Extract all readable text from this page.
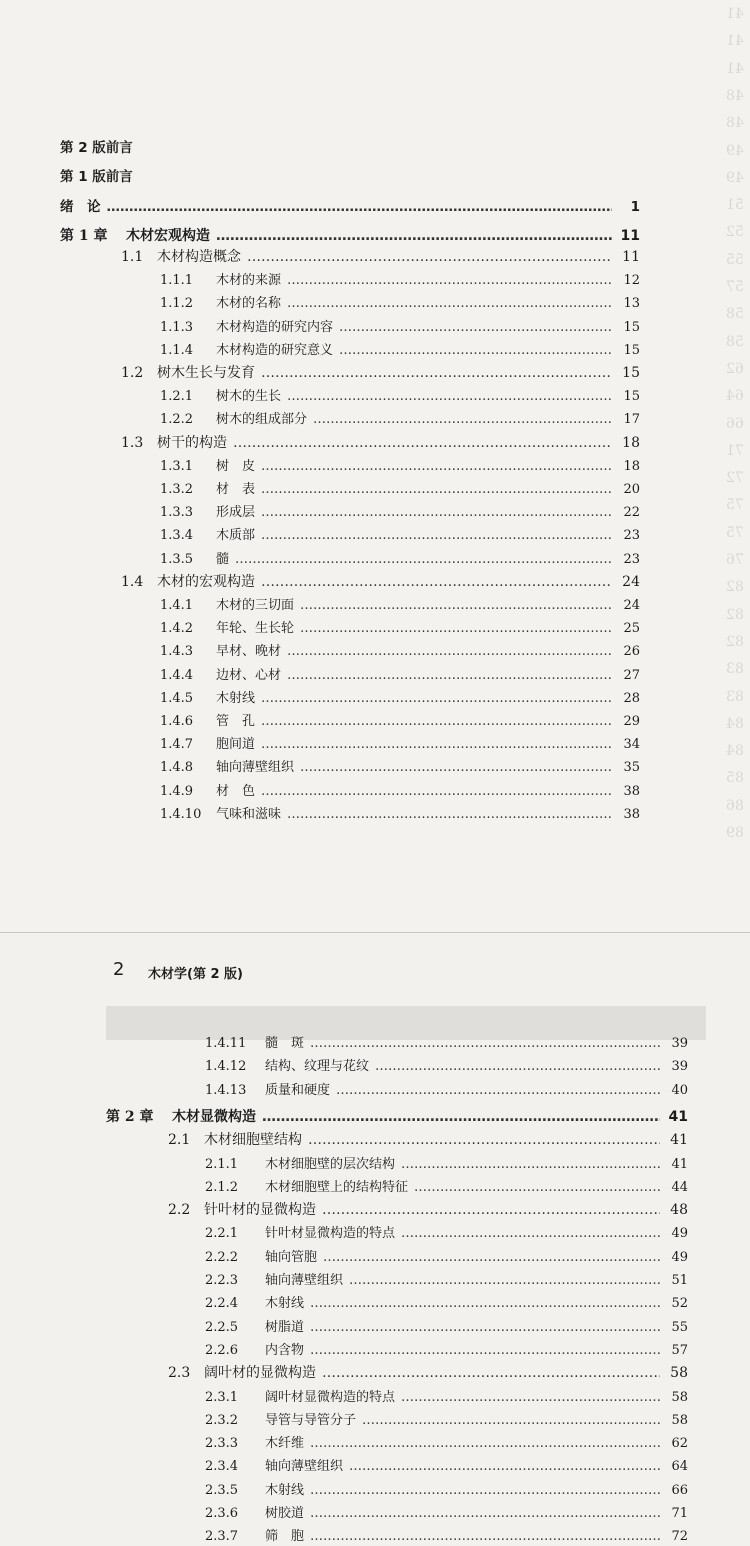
41
41
41
48
48
49
49
51
52
55
57
58
58
62
64
66
71
72
75
75
76
82
82
82
83
83
84
84
85
86
89
第 2 版前言
第 1 版前言
绪　论 ………………………………………………………………………………………………………………………………………………………………………………………………	1
第 1 章	木材宏观构造 ………………………………………………………………………………………………………………………………………………………………………………………………	11
1.1 木材构造概念 ………………………………………………………………………………………………………………………………………………………………………………………………	11
1.1.1	木材的来源 ………………………………………………………………………………………………………………………………………………………………………………………………	12
1.1.2	木材的名称 ………………………………………………………………………………………………………………………………………………………………………………………………	13
1.1.3	木材构造的研究内容 ………………………………………………………………………………………………………………………………………………………………………………………………	15
1.1.4	木材构造的研究意义 ………………………………………………………………………………………………………………………………………………………………………………………………	15
1.2 树木生长与发育 ………………………………………………………………………………………………………………………………………………………………………………………………	15
1.2.1	树木的生长 ………………………………………………………………………………………………………………………………………………………………………………………………	15
1.2.2	树木的组成部分 ………………………………………………………………………………………………………………………………………………………………………………………………	17
1.3 树干的构造 ………………………………………………………………………………………………………………………………………………………………………………………………	18
1.3.1	树　皮 ………………………………………………………………………………………………………………………………………………………………………………………………	18
1.3.2	材　表 ………………………………………………………………………………………………………………………………………………………………………………………………	20
1.3.3	形成层 ………………………………………………………………………………………………………………………………………………………………………………………………	22
1.3.4	木质部 ………………………………………………………………………………………………………………………………………………………………………………………………	23
1.3.5	髓 ………………………………………………………………………………………………………………………………………………………………………………………………	23
1.4 木材的宏观构造 ………………………………………………………………………………………………………………………………………………………………………………………………	24
1.4.1	木材的三切面 ………………………………………………………………………………………………………………………………………………………………………………………………	24
1.4.2	年轮、生长轮 ………………………………………………………………………………………………………………………………………………………………………………………………	25
1.4.3	早材、晚材 ………………………………………………………………………………………………………………………………………………………………………………………………	26
1.4.4	边材、心材 ………………………………………………………………………………………………………………………………………………………………………………………………	27
1.4.5	木射线 ………………………………………………………………………………………………………………………………………………………………………………………………	28
1.4.6	管　孔 ………………………………………………………………………………………………………………………………………………………………………………………………	29
1.4.7	胞间道 ………………………………………………………………………………………………………………………………………………………………………………………………	34
1.4.8	轴向薄壁组织 ………………………………………………………………………………………………………………………………………………………………………………………………	35
1.4.9	材　色 ………………………………………………………………………………………………………………………………………………………………………………………………	38
1.4.10	气味和滋味 ………………………………………………………………………………………………………………………………………………………………………………………………	38
2 木材学(第 2 版)
1.4.11	髓　斑 ………………………………………………………………………………………………………………………………………………………………………………………………	39
1.4.12	结构、纹理与花纹 ………………………………………………………………………………………………………………………………………………………………………………………………	39
1.4.13	质量和硬度 ………………………………………………………………………………………………………………………………………………………………………………………………	40
第 2 章	木材显微构造 ………………………………………………………………………………………………………………………………………………………………………………………………	41
2.1 木材细胞壁结构 ………………………………………………………………………………………………………………………………………………………………………………………………	41
2.1.1	木材细胞壁的层次结构 ………………………………………………………………………………………………………………………………………………………………………………………………	41
2.1.2	木材细胞壁上的结构特征 ………………………………………………………………………………………………………………………………………………………………………………………………	44
2.2 针叶材的显微构造 ………………………………………………………………………………………………………………………………………………………………………………………………	48
2.2.1	针叶材显微构造的特点 ………………………………………………………………………………………………………………………………………………………………………………………………	49
2.2.2	轴向管胞 ………………………………………………………………………………………………………………………………………………………………………………………………	49
2.2.3	轴向薄壁组织 ………………………………………………………………………………………………………………………………………………………………………………………………	51
2.2.4	木射线 ………………………………………………………………………………………………………………………………………………………………………………………………	52
2.2.5	树脂道 ………………………………………………………………………………………………………………………………………………………………………………………………	55
2.2.6	内含物 ………………………………………………………………………………………………………………………………………………………………………………………………	57
2.3 阔叶材的显微构造 ………………………………………………………………………………………………………………………………………………………………………………………………	58
2.3.1	阔叶材显微构造的特点 ………………………………………………………………………………………………………………………………………………………………………………………………	58
2.3.2	导管与导管分子 ………………………………………………………………………………………………………………………………………………………………………………………………	58
2.3.3	木纤维 ………………………………………………………………………………………………………………………………………………………………………………………………	62
2.3.4	轴向薄壁组织 ………………………………………………………………………………………………………………………………………………………………………………………………	64
2.3.5	木射线 ………………………………………………………………………………………………………………………………………………………………………………………………	66
2.3.6	树胶道 ………………………………………………………………………………………………………………………………………………………………………………………………	71
2.3.7	筛　胞 ………………………………………………………………………………………………………………………………………………………………………………………………	72
